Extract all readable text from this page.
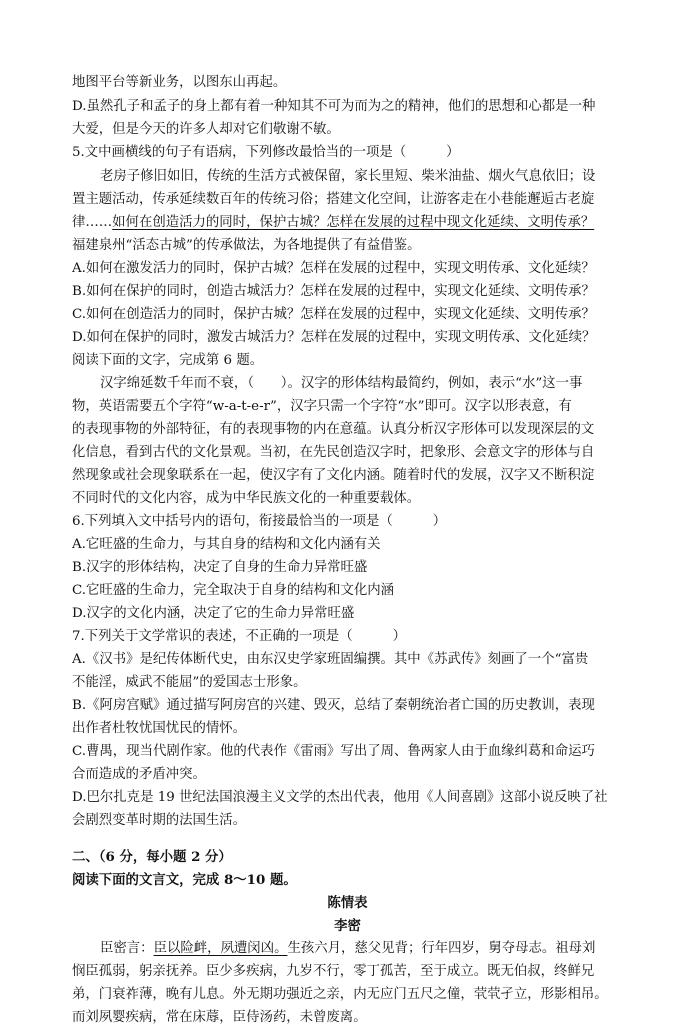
地图平台等新业务，以图东山再起。
D.虽然孔子和孟子的身上都有着一种知其不可为而为之的精神，他们的思想和心都是一种
大爱，但是今天的许多人却对它们敬谢不敏。
5.文中画横线的句子有语病，下列修改最恰当的一项是（	）
老房子修旧如旧，传统的生活方式被保留，家长里短、柴米油盐、烟火气息依旧；设
置主题活动，传承延续数百年的传统习俗；搭建文化空间，让游客走在小巷能邂逅古老旋
律……如何在创造活力的同时，保护古城？怎样在发展的过程中现文化延续、文明传承？
福建泉州“活态古城”的传承做法，为各地提供了有益借鉴。
A.如何在激发活力的同时，保护古城？怎样在发展的过程中，实现文明传承、文化延续？
B.如何在保护的同时，创造古城活力？怎样在发展的过程中，实现文化延续、文明传承？
C.如何在创造活力的同时，保护古城？怎样在发展的过程中，实现文化延续、文明传承？
D.如何在保护的同时，激发古城活力？怎样在发展的过程中，实现文明传承、文化延续？
阅读下面的文字，完成第 6 题。
汉字绵延数千年而不衰，（　　）。汉字的形体结构最简约，例如，表示“水”这一事
物，英语需要五个字符“w-a-t-e-r”，汉字只需一个字符“水”即可。汉字以形表意，有
的表现事物的外部特征，有的表现事物的内在意蕴。认真分析汉字形体可以发现深层的文
化信息，看到古代的文化景观。当初，在先民创造汉字时，把象形、会意文字的形体与自
然现象或社会现象联系在一起，使汉字有了文化内涵。随着时代的发展，汉字又不断积淀
不同时代的文化内容，成为中华民族文化的一种重要载体。
6.下列填入文中括号内的语句，衔接最恰当的一项是（	）
A.它旺盛的生命力，与其自身的结构和文化内涵有关
B.汉字的形体结构，决定了自身的生命力异常旺盛
C.它旺盛的生命力，完全取决于自身的结构和文化内涵
D.汉字的文化内涵，决定了它的生命力异常旺盛
7.下列关于文学常识的表述，不正确的一项是（	）
A.《汉书》是纪传体断代史，由东汉史学家班固编撰。其中《苏武传》刻画了一个“富贵
不能淫，威武不能屈”的爱国志士形象。
B.《阿房宫赋》通过描写阿房宫的兴建、毁灭，总结了秦朝统治者亡国的历史教训，表现
出作者杜牧忧国忧民的情怀。
C.曹禺，现当代剧作家。他的代表作《雷雨》写出了周、鲁两家人由于血缘纠葛和命运巧
合而造成的矛盾冲突。
D.巴尔扎克是 19 世纪法国浪漫主义文学的杰出代表，他用《人间喜剧》这部小说反映了社
会剧烈变革时期的法国生活。
二、（6 分，每小题 2 分）
阅读下面的文言文，完成 8～10 题。
陈情表
李密
臣密言：臣以险衅，夙遭闵凶。生孩六月，慈父见背；行年四岁，舅夺母志。祖母刘
悯臣孤弱，躬亲抚养。臣少多疾病，九岁不行，零丁孤苦，至于成立。既无伯叔，终鲜兄
弟，门衰祚薄，晚有儿息。外无期功强近之亲，内无应门五尺之僮，茕茕孑立，形影相吊。
而刘夙婴疾病，常在床蓐，臣侍汤药，未曾废离。
